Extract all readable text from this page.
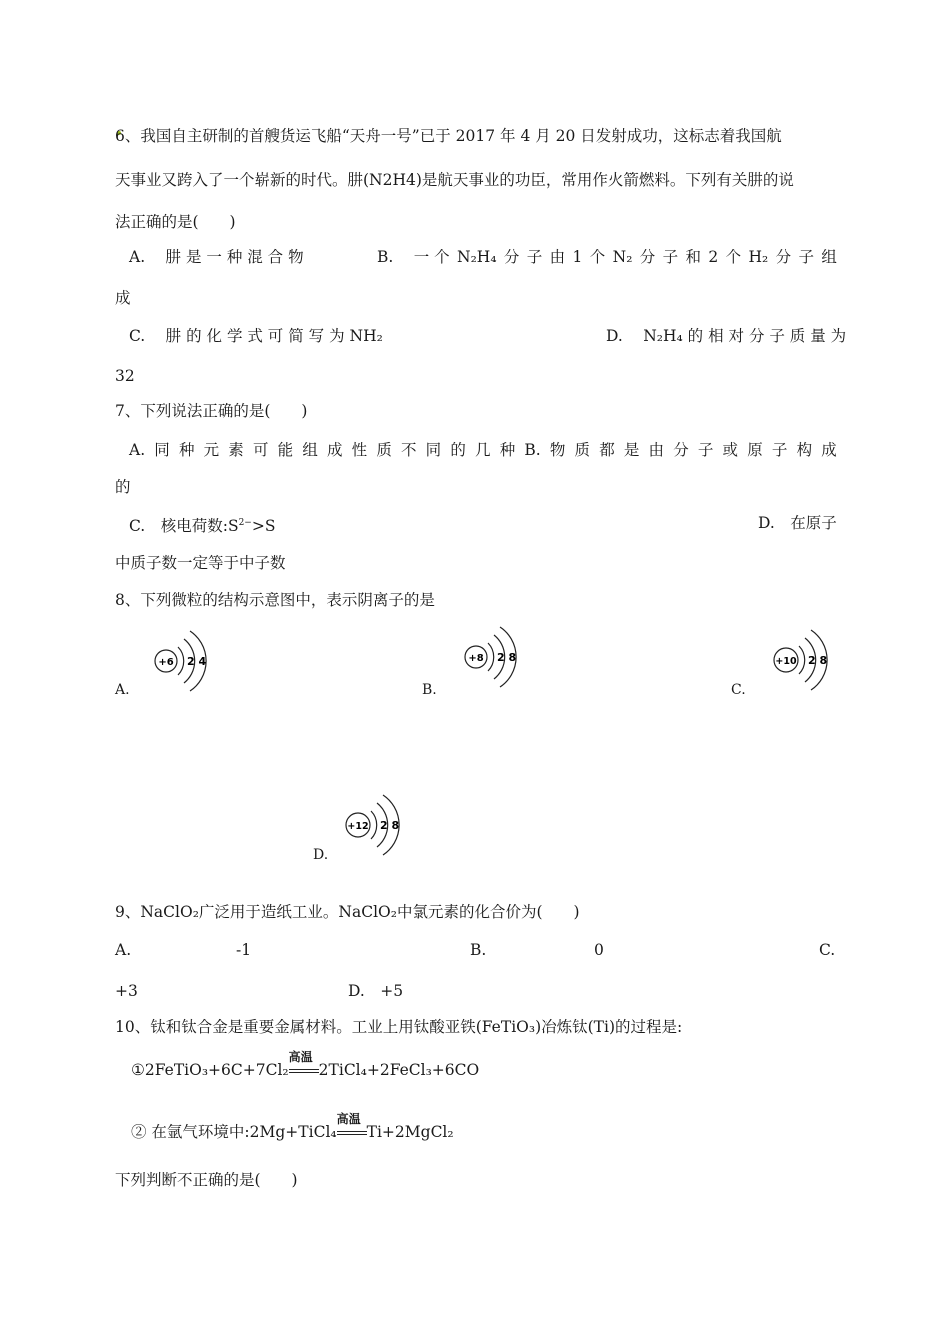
6、我国自主研制的首艘货运飞船“天舟一号”已于 2017 年 4 月 20 日发射成功，这标志着我国航
天事业又跨入了一个崭新的时代。肼(N2H4)是航天事业的功臣，常用作火箭燃料。下列有关肼的说
法正确的是(　　)
A.　 肼 是 一 种 混 合 物	B.　 一 个 N₂H₄ 分 子 由 1 个 N₂ 分 子 和 2 个 H₂ 分 子 组
成
C.　 肼 的 化 学 式 可 简 写 为 NH₂	D.　 N₂H₄ 的 相 对 分 子 质 量 为
32
7、下列说法正确的是(　　)
A. 同 种 元 素 可 能 组 成 性 质 不 同 的 几 种 B. 物 质 都 是 由 分 子 或 原 子 构 成
的
C.　核电荷数$:S^{2-}>S$	D.　在原子
中质子数一定等于中子数
8、下列微粒的结构示意图中，表示阴离子的是
A.
+6 2 4
B.
+8 2 8
C.
+10 2 8
D.
+12 2 8
9、NaClO₂广泛用于造纸工业。NaClO₂中氯元素的化合价为(　　)
A.	-1	B.	0	C.
+3	D.　+5
10、钛和钛合金是重要金属材料。工业上用钛酸亚铁(FeTiO₃)冶炼钛(Ti)的过程是:
①2FeTiO₃+6C+7Cl₂
高温
2TiCl₄+2FeCl₃+6CO
② 在氩气环境中:2Mg+TiCl₄
高温
Ti+2MgCl₂
下列判断不正确的是(　　)
